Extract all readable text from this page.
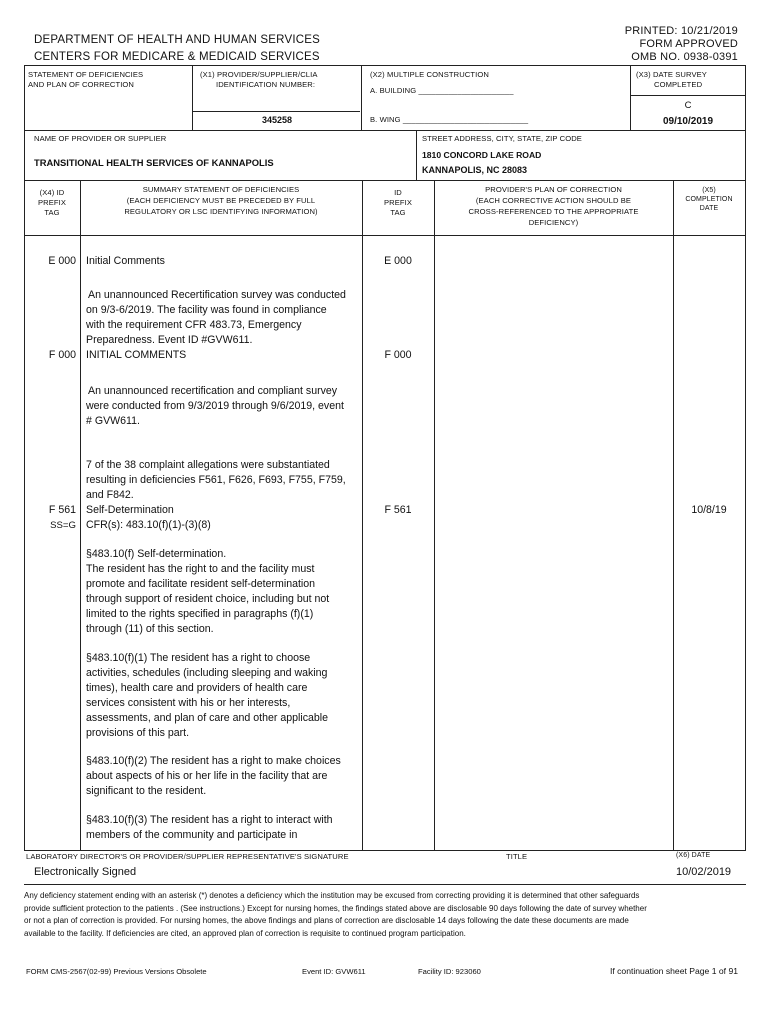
DEPARTMENT OF HEALTH AND HUMAN SERVICES
CENTERS FOR MEDICARE & MEDICAID SERVICES
PRINTED: 10/21/2019
FORM APPROVED
OMB NO. 0938-0391
STATEMENT OF DEFICIENCIES
AND PLAN OF CORRECTION
(X1) PROVIDER/SUPPLIER/CLIA
IDENTIFICATION NUMBER:
345258
(X2) MULTIPLE CONSTRUCTION
A. BUILDING ______________________
B. WING _____________________________
(X3) DATE SURVEY
COMPLETED
C
09/10/2019
NAME OF PROVIDER OR SUPPLIER
TRANSITIONAL HEALTH SERVICES OF KANNAPOLIS
STREET ADDRESS, CITY, STATE, ZIP CODE
1810 CONCORD LAKE ROAD
KANNAPOLIS, NC 28083
(X4) ID
PREFIX
TAG
SUMMARY STATEMENT OF DEFICIENCIES
(EACH DEFICIENCY MUST BE PRECEDED BY FULL
REGULATORY OR LSC IDENTIFYING INFORMATION)
ID
PREFIX
TAG
PROVIDER'S PLAN OF CORRECTION
(EACH CORRECTIVE ACTION SHOULD BE
CROSS-REFERENCED TO THE APPROPRIATE
DEFICIENCY)
(X5)
COMPLETION
DATE
E 000 Initial Comments	E 000
An unannounced Recertification survey was conducted on 9/3-6/2019. The facility was found in compliance with the requirement CFR 483.73, Emergency Preparedness. Event ID #GVW611.
F 000 INITIAL COMMENTS	F 000
An unannounced recertification and compliant survey were conducted from 9/3/2019 through 9/6/2019, event # GVW611.
7 of the 38 complaint allegations were substantiated resulting in deficiencies F561, F626, F693, F755, F759, and F842.
F 561
SS=G
Self-Determination
CFR(s): 483.10(f)(1)-(3)(8)
F 561	10/8/19
§483.10(f) Self-determination.
The resident has the right to and the facility must promote and facilitate resident self-determination through support of resident choice, including but not limited to the rights specified in paragraphs (f)(1) through (11) of this section.
§483.10(f)(1) The resident has a right to choose activities, schedules (including sleeping and waking times), health care and providers of health care services consistent with his or her interests, assessments, and plan of care and other applicable provisions of this part.
§483.10(f)(2) The resident has a right to make choices about aspects of his or her life in the facility that are significant to the resident.
§483.10(f)(3) The resident has a right to interact with members of the community and participate in
LABORATORY DIRECTOR'S OR PROVIDER/SUPPLIER REPRESENTATIVE'S SIGNATURE
Electronically Signed
TITLE	(X6) DATE
10/02/2019
Any deficiency statement ending with an asterisk (*) denotes a deficiency which the institution may be excused from correcting providing it is determined that other safeguards provide sufficient protection to the patients . (See instructions.) Except for nursing homes, the findings stated above are disclosable 90 days following the date of survey whether or not a plan of correction is provided. For nursing homes, the above findings and plans of correction are disclosable 14 days following the date these documents are made available to the facility. If deficiencies are cited, an approved plan of correction is requisite to continued program participation.
FORM CMS-2567(02-99) Previous Versions Obsolete	Event ID: GVW611	Facility ID: 923060	If continuation sheet Page 1 of 91
